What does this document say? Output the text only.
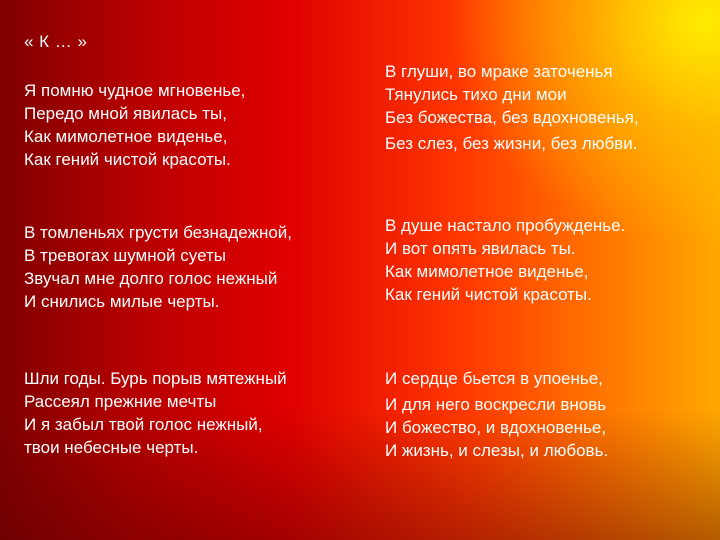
« К … »
Я помню чудное мгновенье,
Передо мной явилась ты,
Как мимолетное виденье,
Как гений чистой красоты.
В глуши, во мраке заточенья
Тянулись тихо дни мои
Без божества, без вдохновенья,
Без слез, без жизни, без любви.
В томленьях грусти безнадежной,
В тревогах шумной суеты
Звучал мне долго голос нежный
И снились милые черты.
В душе настало пробужденье.
И вот опять явилась ты.
Как мимолетное виденье,
Как гений чистой красоты.
Шли годы. Бурь порыв мятежный
Рассеял прежние мечты
И я забыл твой голос нежный,
твои небесные черты.
И сердце бьется в упоенье,
И для него воскресли вновь
И божество, и вдохновенье,
И жизнь, и слезы, и любовь.
